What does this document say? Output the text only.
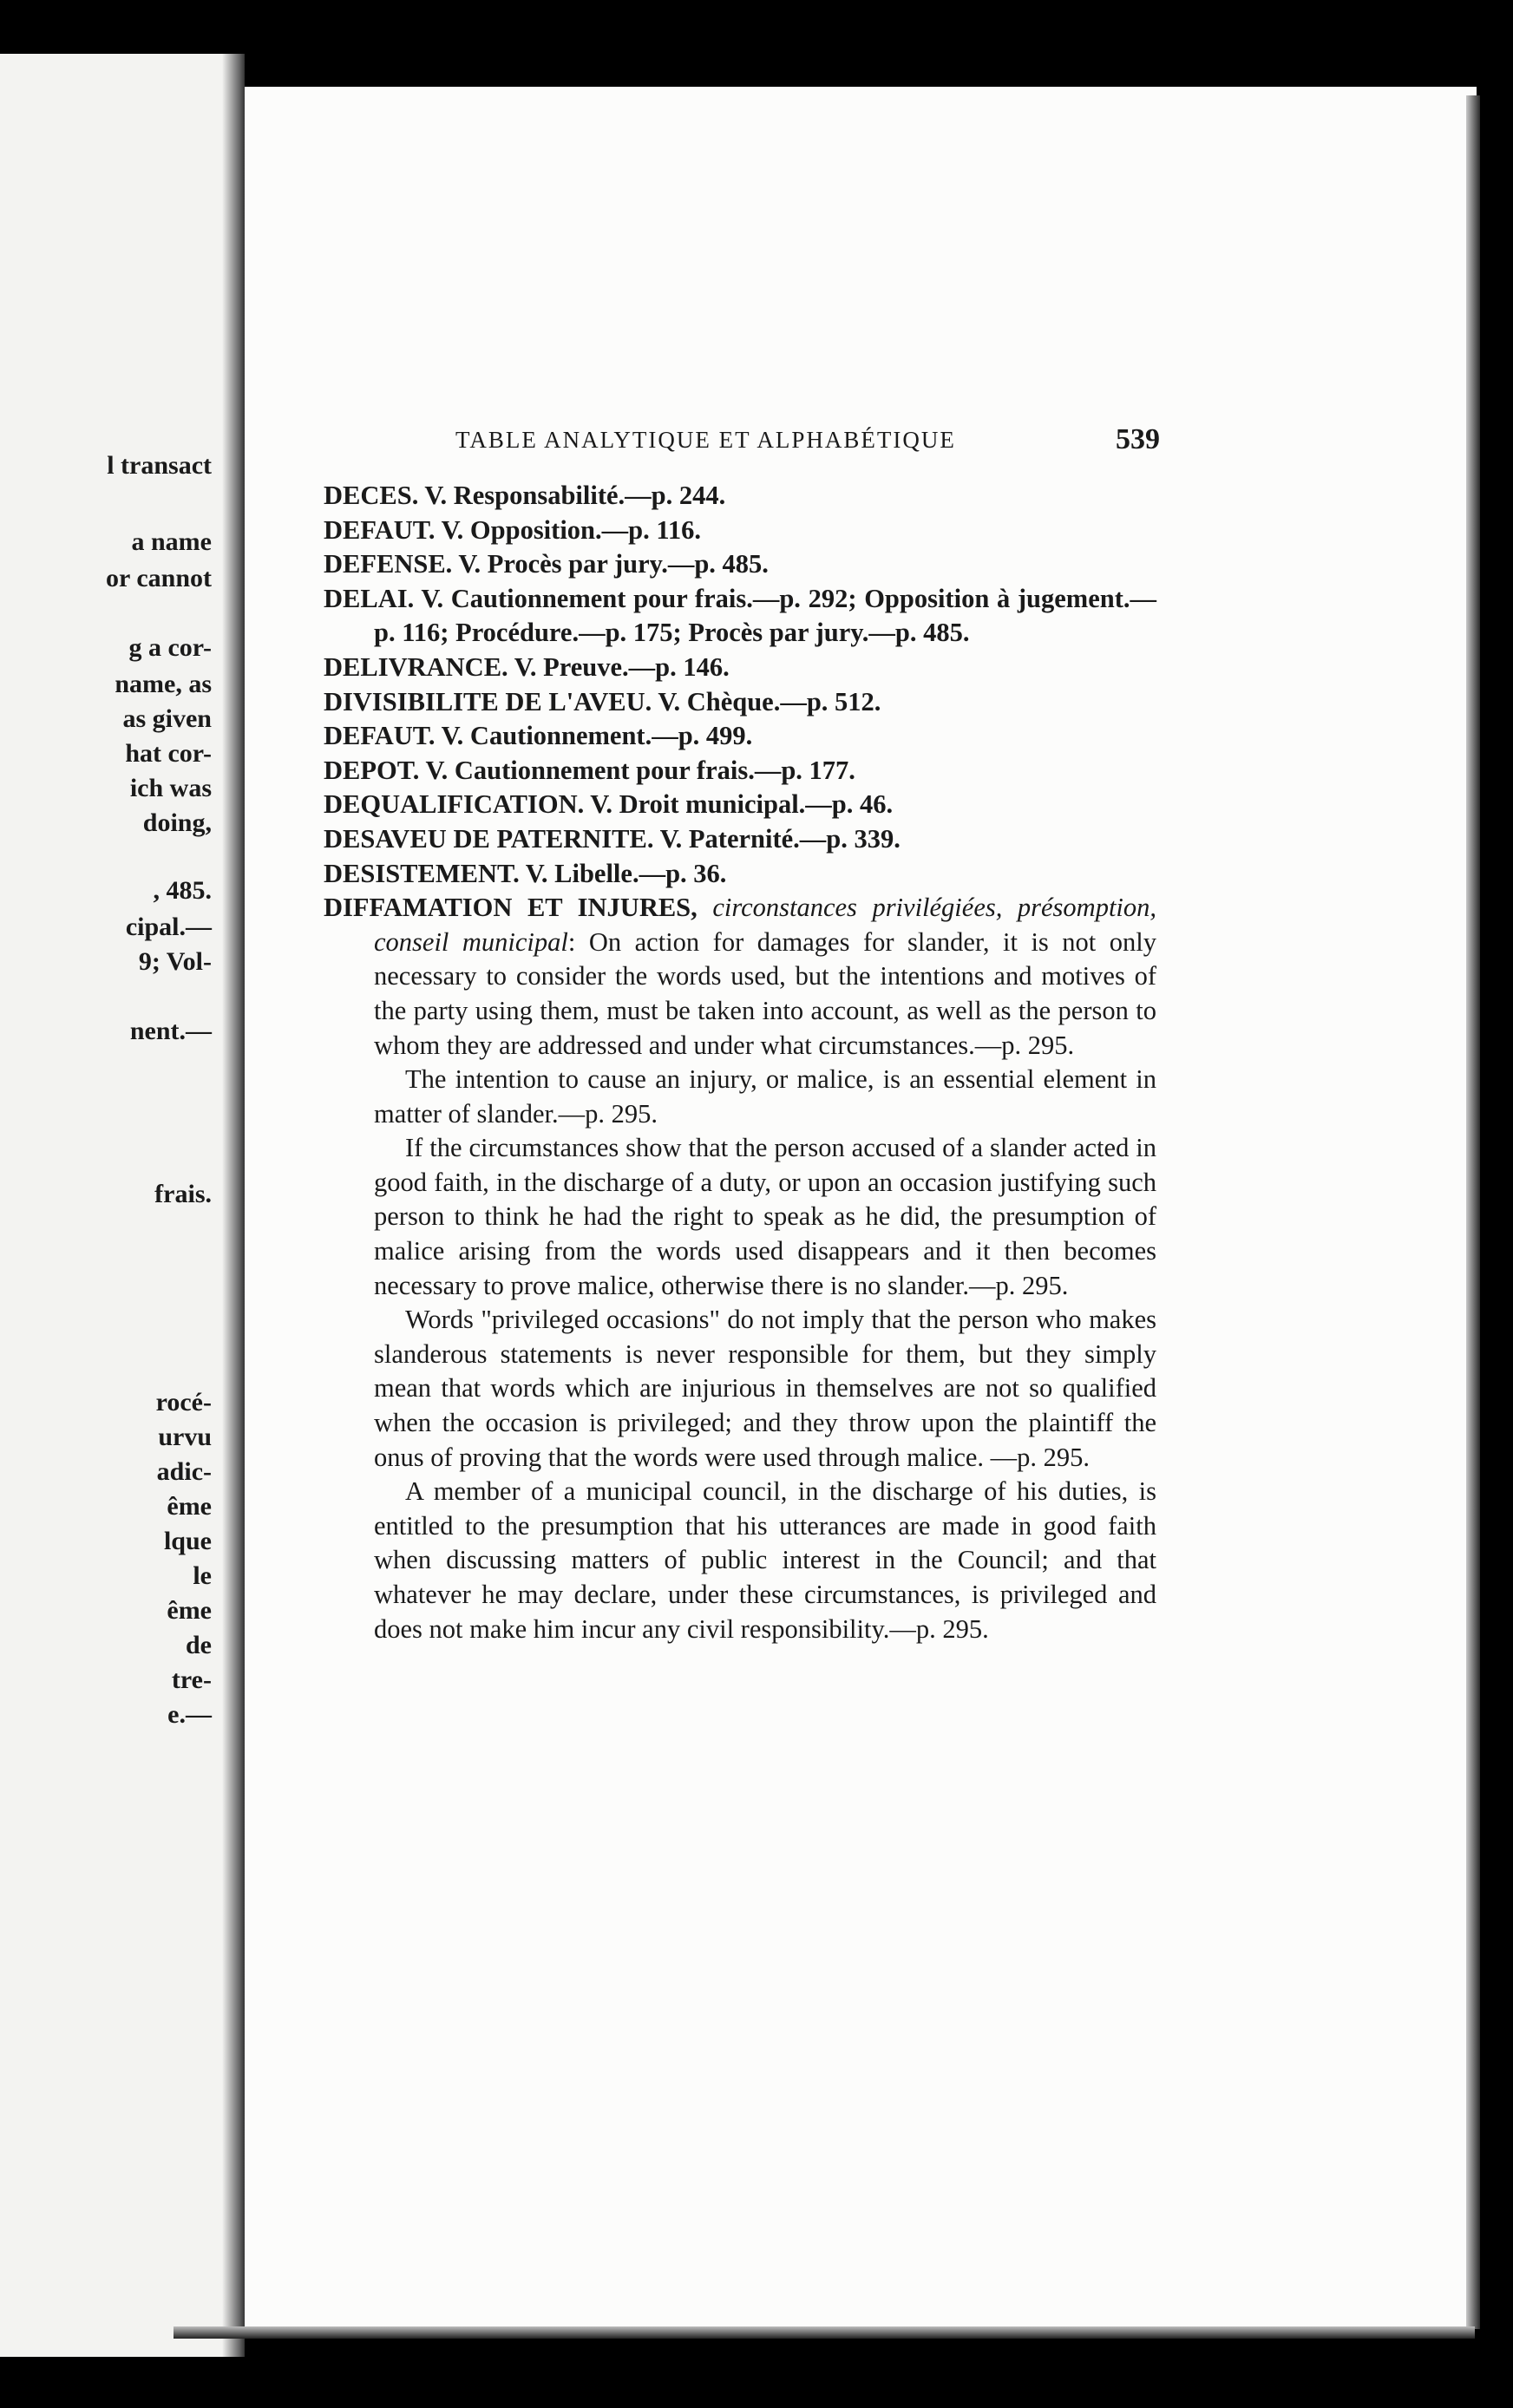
l transact
a name
or cannot
g a cor-
name, as
as given
hat cor-
ich was
doing,
, 485.
cipal.—
9; Vol-
nent.—
frais.
rocé-
urvu
adic-
ême
lque
le
ême
de
tre-
e.—
TABLE ANALYTIQUE ET ALPHABÉTIQUE	539
DECES. V. Responsabilité.—p. 244.
DEFAUT. V. Opposition.—p. 116.
DEFENSE. V. Procès par jury.—p. 485.
DELAI. V. Cautionnement pour frais.—p. 292; Opposition à jugement.—p. 116; Procédure.—p. 175; Procès par jury.—p. 485.
DELIVRANCE. V. Preuve.—p. 146.
DIVISIBILITE DE L'AVEU. V. Chèque.—p. 512.
DEFAUT. V. Cautionnement.—p. 499.
DEPOT. V. Cautionnement pour frais.—p. 177.
DEQUALIFICATION. V. Droit municipal.—p. 46.
DESAVEU DE PATERNITE. V. Paternité.—p. 339.
DESISTEMENT. V. Libelle.—p. 36.
DIFFAMATION ET INJURES, circonstances privilégiées, présomption, conseil municipal: On action for damages for slander, it is not only necessary to consider the words used, but the intentions and motives of the party using them, must be taken into account, as well as the person to whom they are addressed and under what circumstances.—p. 295.

The intention to cause an injury, or malice, is an essential element in matter of slander.—p. 295.

If the circumstances show that the person accused of a slander acted in good faith, in the discharge of a duty, or upon an occasion justifying such person to think he had the right to speak as he did, the presumption of malice arising from the words used disappears and it then becomes necessary to prove malice, otherwise there is no slander.—p. 295.

Words "privileged occasions" do not imply that the person who makes slanderous statements is never responsible for them, but they simply mean that words which are injurious in themselves are not so qualified when the occasion is privileged; and they throw upon the plaintiff the onus of proving that the words were used through malice. —p. 295.

A member of a municipal council, in the discharge of his duties, is entitled to the presumption that his utterances are made in good faith when discussing matters of public interest in the Council; and that whatever he may declare, under these circumstances, is privileged and does not make him incur any civil responsibility.—p. 295.
